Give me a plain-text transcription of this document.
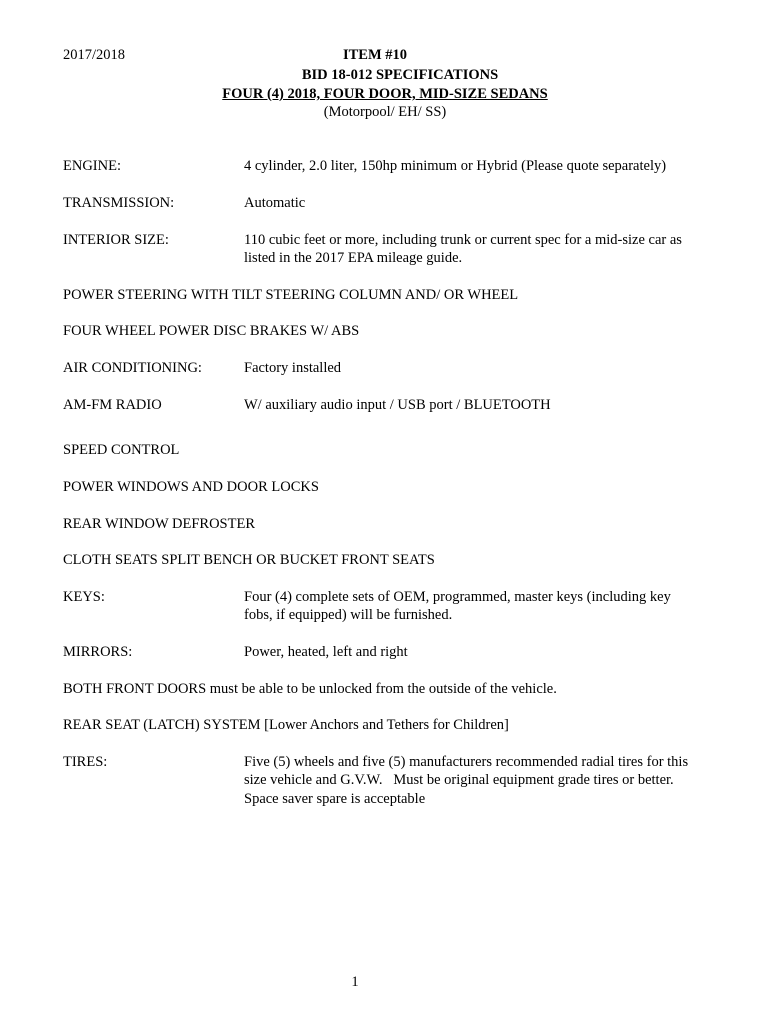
2017/2018	ITEM #10
BID 18-012 SPECIFICATIONS
FOUR (4) 2018, FOUR DOOR, MID-SIZE SEDANS
(Motorpool/ EH/ SS)
ENGINE:	4 cylinder, 2.0 liter, 150hp minimum or Hybrid (Please quote separately)
TRANSMISSION:	Automatic
INTERIOR SIZE:	110 cubic feet or more, including trunk or current spec for a mid-size car as
listed in the 2017 EPA mileage guide.
POWER STEERING WITH TILT STEERING COLUMN AND/ OR WHEEL
FOUR WHEEL POWER DISC BRAKES W/ ABS
AIR CONDITIONING:	Factory installed
AM-FM RADIO	W/ auxiliary audio input / USB port / BLUETOOTH
SPEED CONTROL
POWER WINDOWS AND DOOR LOCKS
REAR WINDOW DEFROSTER
CLOTH SEATS SPLIT BENCH OR BUCKET FRONT SEATS
KEYS:	Four (4) complete sets of OEM, programmed, master keys (including key
fobs, if equipped) will be furnished.
MIRRORS:	Power, heated, left and right
BOTH FRONT DOORS must be able to be unlocked from the outside of the vehicle.
REAR SEAT (LATCH) SYSTEM [Lower Anchors and Tethers for Children]
TIRES:	Five (5) wheels and five (5) manufacturers recommended radial tires for this
size vehicle and G.V.W.   Must be original equipment grade tires or better.
Space saver spare is acceptable
1
